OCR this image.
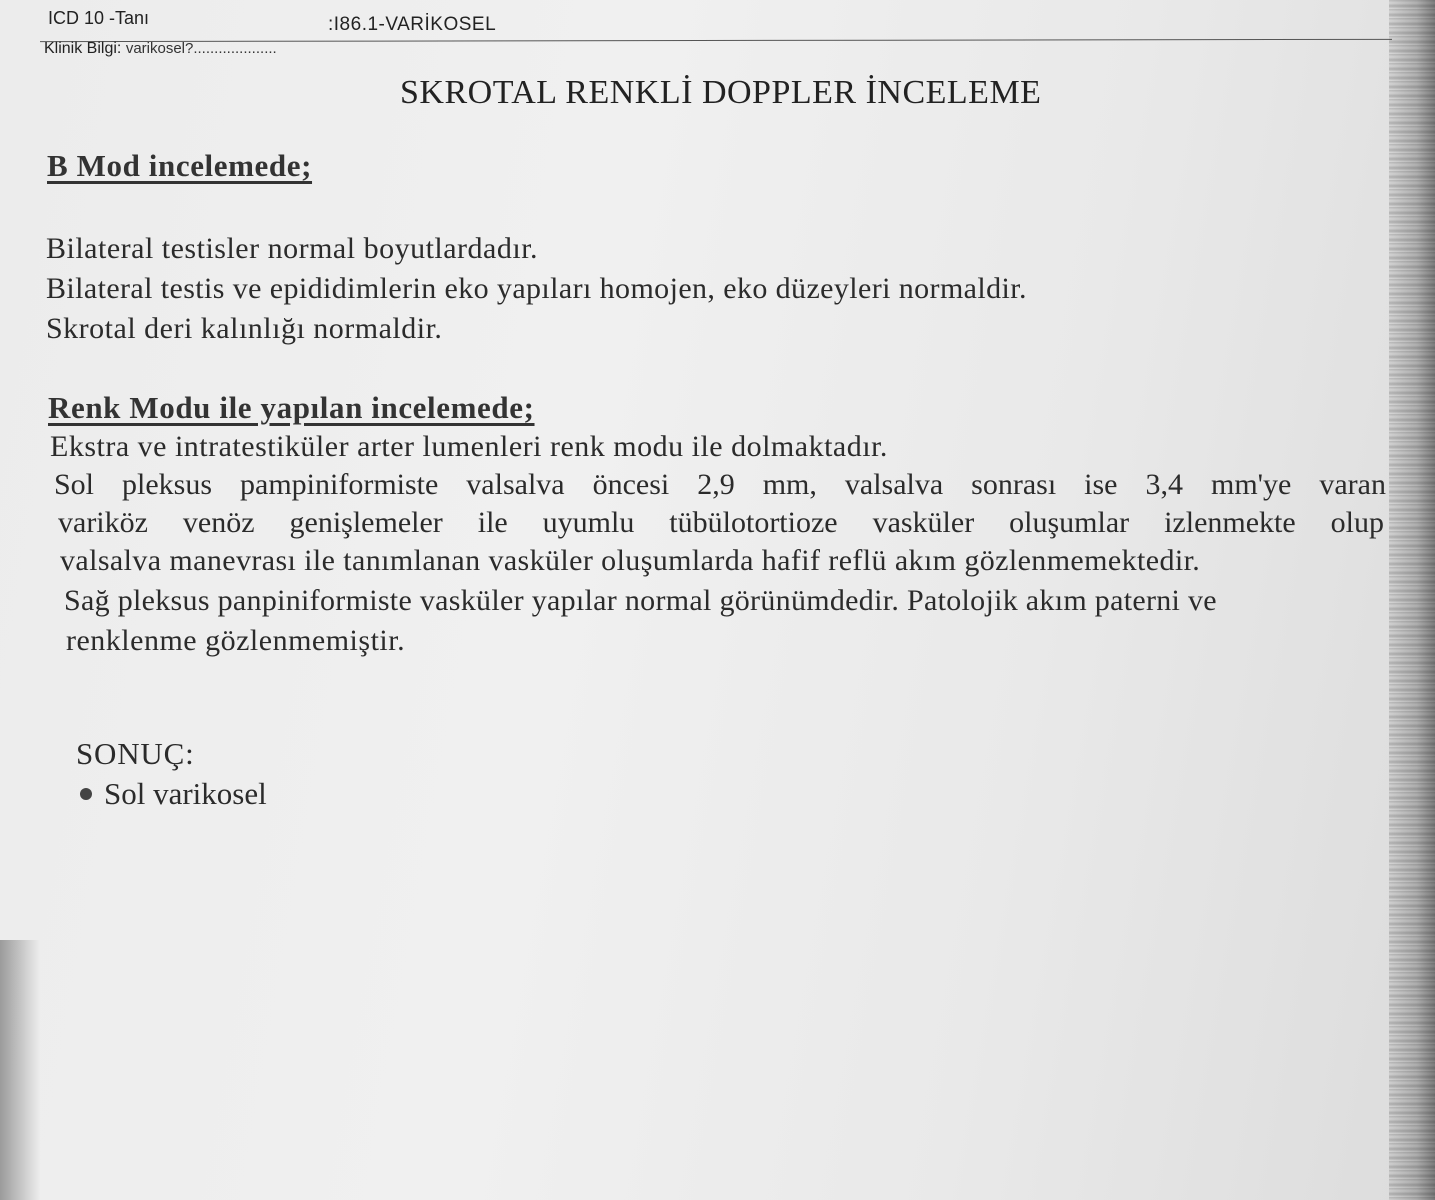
ICD 10 -Tanı	:I86.1-VARİKOSEL
Klinik Bilgi: varikosel?....................
SKROTAL RENKLİ DOPPLER İNCELEME
B Mod incelemede;
Bilateral testisler normal boyutlardadır.
Bilateral testis ve epididimlerin eko yapıları homojen, eko düzeyleri normaldir.
Skrotal deri kalınlığı normaldir.
Renk Modu ile yapılan incelemede;
Ekstra ve intratestiküler arter lumenleri renk modu ile dolmaktadır.
Sol pleksus pampiniformiste valsalva öncesi 2,9 mm, valsalva sonrası ise 3,4 mm'ye varan
variköz venöz genişlemeler ile uyumlu tübülotortioze vasküler oluşumlar izlenmekte olup
valsalva manevrası ile tanımlanan vasküler oluşumlarda hafif reflü akım gözlenmemektedir.
Sağ pleksus panpiniformiste vasküler yapılar normal görünümdedir. Patolojik akım paterni ve
renklenme gözlenmemiştir.
SONUÇ:
Sol varikosel
